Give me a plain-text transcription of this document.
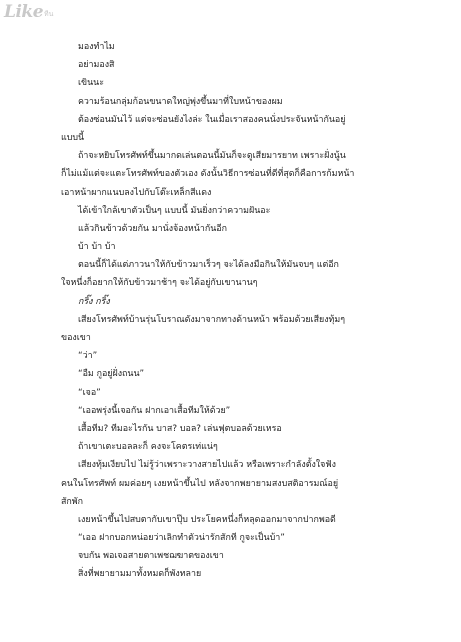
Like ทีน
มองทำไม
อย่ามองสิ
เขินนะ
ความร้อนกลุ่มก้อนขนาดใหญ่พุ่งขึ้นมาที่ใบหน้าของผม
ต้องซ่อนมันไว้ แต่จะซ่อนยังไงล่ะ ในเมื่อเราสองคนนั่งประจันหน้ากันอยู่
แบบนี้
ถ้าจะหยิบโทรศัพท์ขึ้นมากดเล่นตอนนี้มันก็จะดูเสียมารยาท เพราะฝั่งนู้น
ก็ไม่แม้แต่จะแตะโทรศัพท์ของตัวเอง ดังนั้นวิธีการซ่อนที่ดีที่สุดก็คือการก้มหน้า
เอาหน้าผากแนบลงไปกับโต๊ะเหล็กสีแดง
ได้เข้าใกล้เขาตัวเป็นๆ แบบนี้ มันยิ่งกว่าความฝันอะ
แล้วกินข้าวด้วยกัน มานั่งจ้องหน้ากันอีก
บ้า บ้า บ้า
ตอนนี้ก็ได้แต่ภาวนาให้กับข้าวมาเร็วๆ จะได้ลงมือกินให้มันจบๆ แต่อีก
ใจหนึ่งก็อยากให้กับข้าวมาช้าๆ จะได้อยู่กับเขานานๆ
กริ๊ง กริ๊ง
เสียงโทรศัพท์บ้านรุ่นโบราณดังมาจากทางด้านหน้า พร้อมด้วยเสียงทุ้มๆ
ของเขา
“ว่า”
“อืม กูอยู่ฝั่งถนน”
“เจอ”
“เออพรุ่งนี้เจอกัน ฝากเอาเสื้อทีมให้ด้วย”
เสื้อทีม? ทีมอะไรกัน บาส? บอล? เล่นฟุตบอลด้วยเหรอ
ถ้าเขาเตะบอลละก็ คงจะโคตรเท่แน่ๆ
เสียงทุ้มเงียบไป ไม่รู้ว่าเพราะวางสายไปแล้ว หรือเพราะกำลังตั้งใจฟัง
คนในโทรศัพท์ ผมค่อยๆ เงยหน้าขึ้นไป หลังจากพยายามสงบสติอารมณ์อยู่
สักพัก
เงยหน้าขึ้นไปสบตากับเขาปุ๊บ ประโยคหนึ่งก็หลุดออกมาจากปากพอดี
“เออ ฝากบอกหน่อยว่าเลิกทำตัวน่ารักสักที กูจะเป็นบ้า”
จบกัน พอเจอสายตาเพชฌฆาตของเขา
สิ่งที่พยายามมาทั้งหมดก็พังทลาย
